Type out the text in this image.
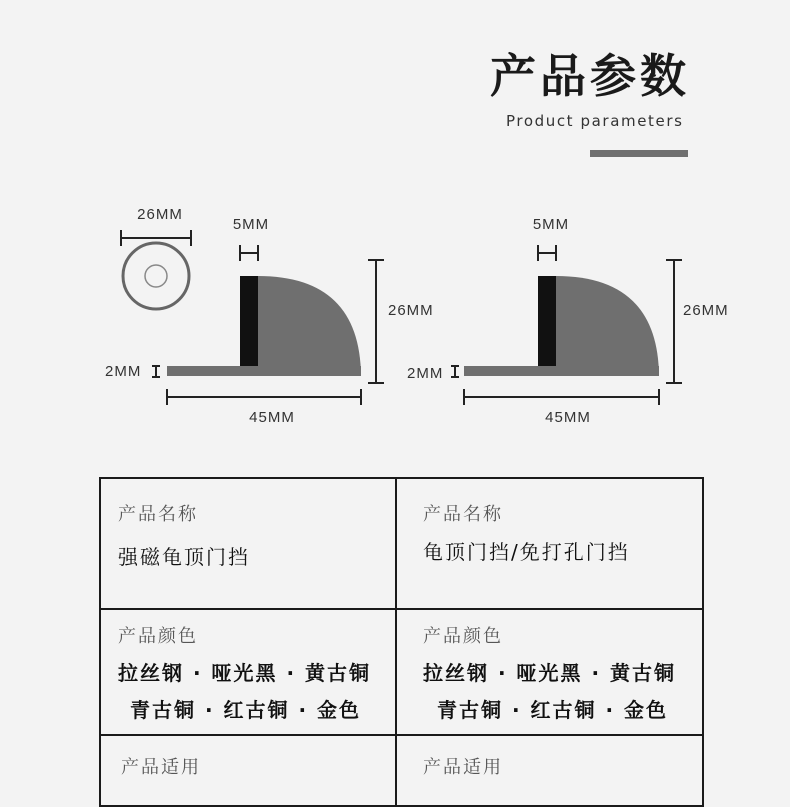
产品参数
Product parameters
26MM
5MM
26MM
2MM
45MM
5MM
26MM
2MM
45MM
产品名称
强磁龟顶门挡
产品名称
龟顶门挡/免打孔门挡
产品颜色
拉丝钢 · 哑光黑 · 黄古铜
青古铜 · 红古铜 · 金色
产品颜色
拉丝钢 · 哑光黑 · 黄古铜
青古铜 · 红古铜 · 金色
产品适用	产品适用
